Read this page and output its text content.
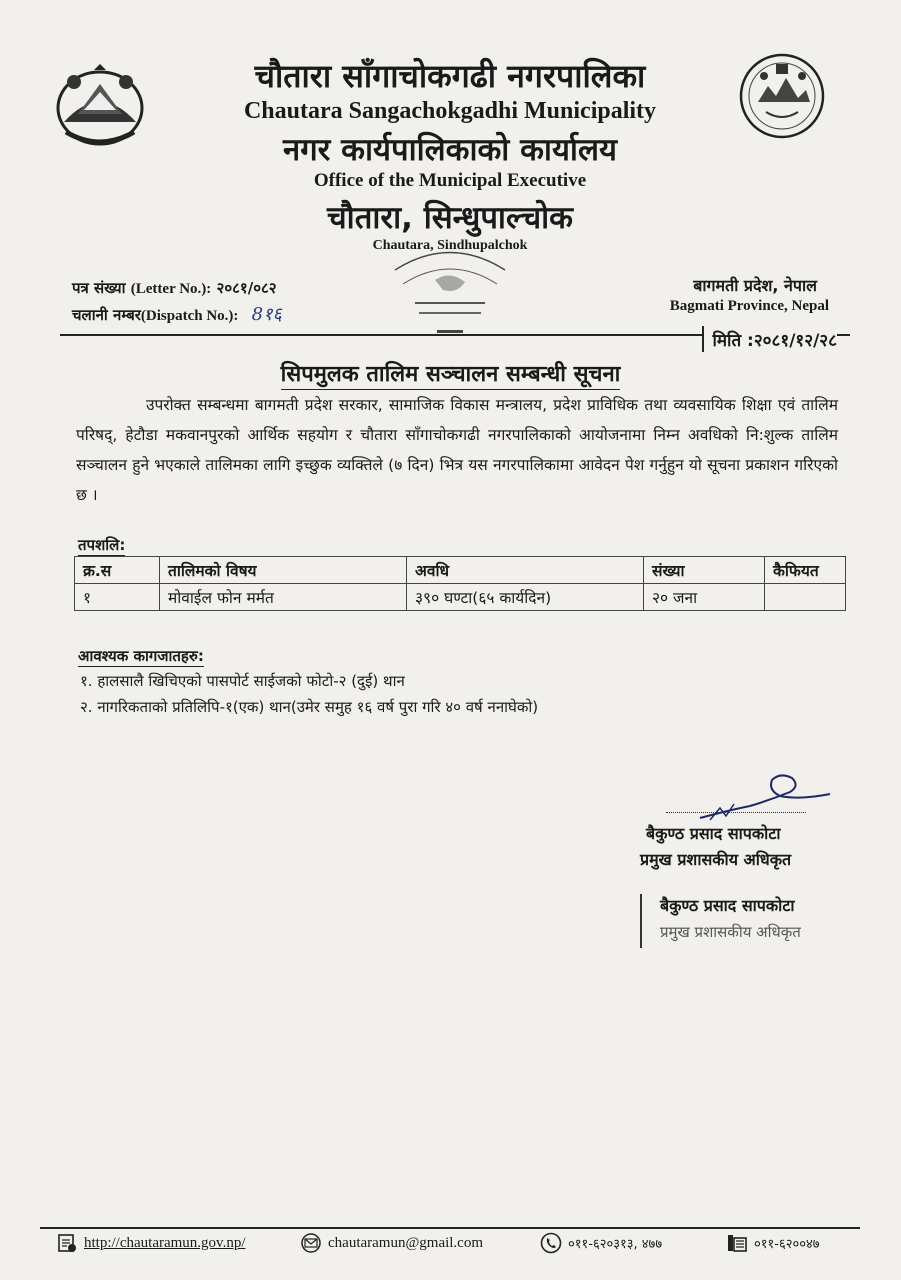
चौतारा साँगाचोकगढी नगरपालिका
Chautara Sangachokgadhi Municipality
नगर कार्यपालिकाको कार्यालय
Office of the Municipal Executive
चौतारा, सिन्धुपाल्चोक
Chautara, Sindhupalchok
पत्र संख्या (Letter No.): २०८१/०८२
चलानी नम्बर(Dispatch No.): 8१६
बागमती प्रदेश, नेपाल
Bagmati Province, Nepal
मिति :२०८१/१२/२८
सिपमुलक तालिम सञ्चालन सम्बन्धी सूचना
उपरोक्त सम्बन्धमा बागमती प्रदेश सरकार, सामाजिक विकास मन्त्रालय, प्रदेश प्राविधिक तथा व्यवसायिक शिक्षा एवं तालिम परिषद्, हेटौडा मकवानपुरको आर्थिक सहयोग र चौतारा साँगाचोकगढी नगरपालिकाको आयोजनामा निम्न अवधिको नि:शुल्क तालिम सञ्चालन हुने भएकाले तालिमका लागि इच्छुक व्यक्तिले (७ दिन) भित्र यस नगरपालिकामा आवेदन पेश गर्नुहुन यो सूचना प्रकाशन गरिएको छ ।
तपशलि:
क्र.स	तालिमको विषय	अवधि	संख्या	कैफियत
१	मोवाईल फोन मर्मत	३९० घण्टा(६५ कार्यदिन)	२० जना	
आवश्यक कागजातहरु:
१. हालसालै खिचिएको पासपोर्ट साईजको फोटो-२ (दुई) थान
२. नागरिकताको प्रतिलिपि-१(एक) थान(उमेर समुह १६ वर्ष पुरा गरि ४० वर्ष ननाघेको)
बैकुण्ठ प्रसाद सापकोटा
प्रमुख प्रशासकीय अधिकृत
बैकुण्ठ प्रसाद सापकोटा
प्रमुख प्रशासकीय अधिकृत
http://chautaramun.gov.np/	chautaramun@gmail.com	०११-६२०३१३, ४७७	०११-६२००४७
